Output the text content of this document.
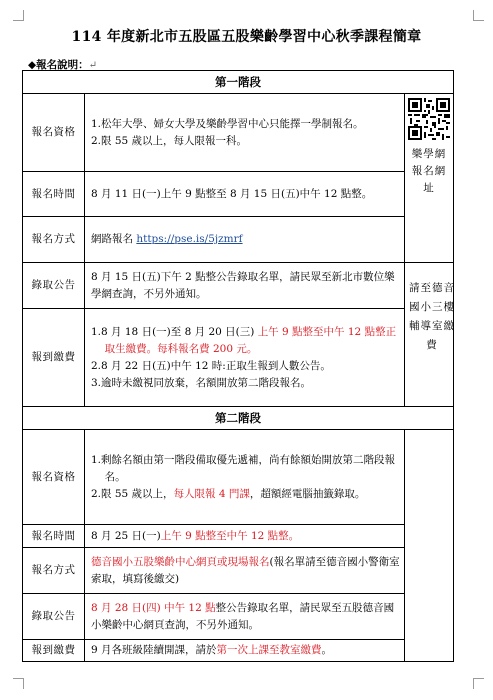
114 年度新北市五股區五股樂齡學習中心秋季課程簡章
◆報名說明：↵
第一階段		
報名資格	1.松年大學、婦女大學及樂齡學習中心只能擇一學制報名。
2.限 55 歲以上，每人限報一科。	樂學網報名網址

報名時間	8 月 11 日(一)上午 9 點整至 8 月 15 日(五)中午 12 點整。	
報名方式	網路報名 https://pse.is/5jzmrf	
錄取公告	8 月 15 日(五)下午 2 點整公告錄取名單，請民眾至新北市數位樂學網查詢，不另外通知。	請至德音國小三樓輔導室繳費

報到繳費	1.8 月 18 日(一)至 8 月 20 日(三) 上午 9 點整至中午 12 點整正取生繳費。每科報名費 200 元。
2.8 月 22 日(五)中午 12 時:正取生報到人數公告。
3.逾時未繳視同放棄，名額開放第二階段報名。	

第二階段		
報名資格	1.剩餘名額由第一階段備取優先遞補，尚有餘額始開放第二階段報名。
2.限 55 歲以上，每人限報 4 門課，超額經電腦抽籤錄取。	

報名時間	8 月 25 日(一)上午 9 點整至中午 12 點整。	
報名方式	德音國小五股樂齡中心網頁或現場報名(報名單請至德音國小警衛室索取，填寫後繳交)	
錄取公告	8 月 28 日(四) 中午 12 點整公告錄取名單，請民眾至五股德音國小樂齡中心網頁查詢，不另外通知。	
報到繳費	9 月各班級陸續開課，請於第一次上課至教室繳費。	
